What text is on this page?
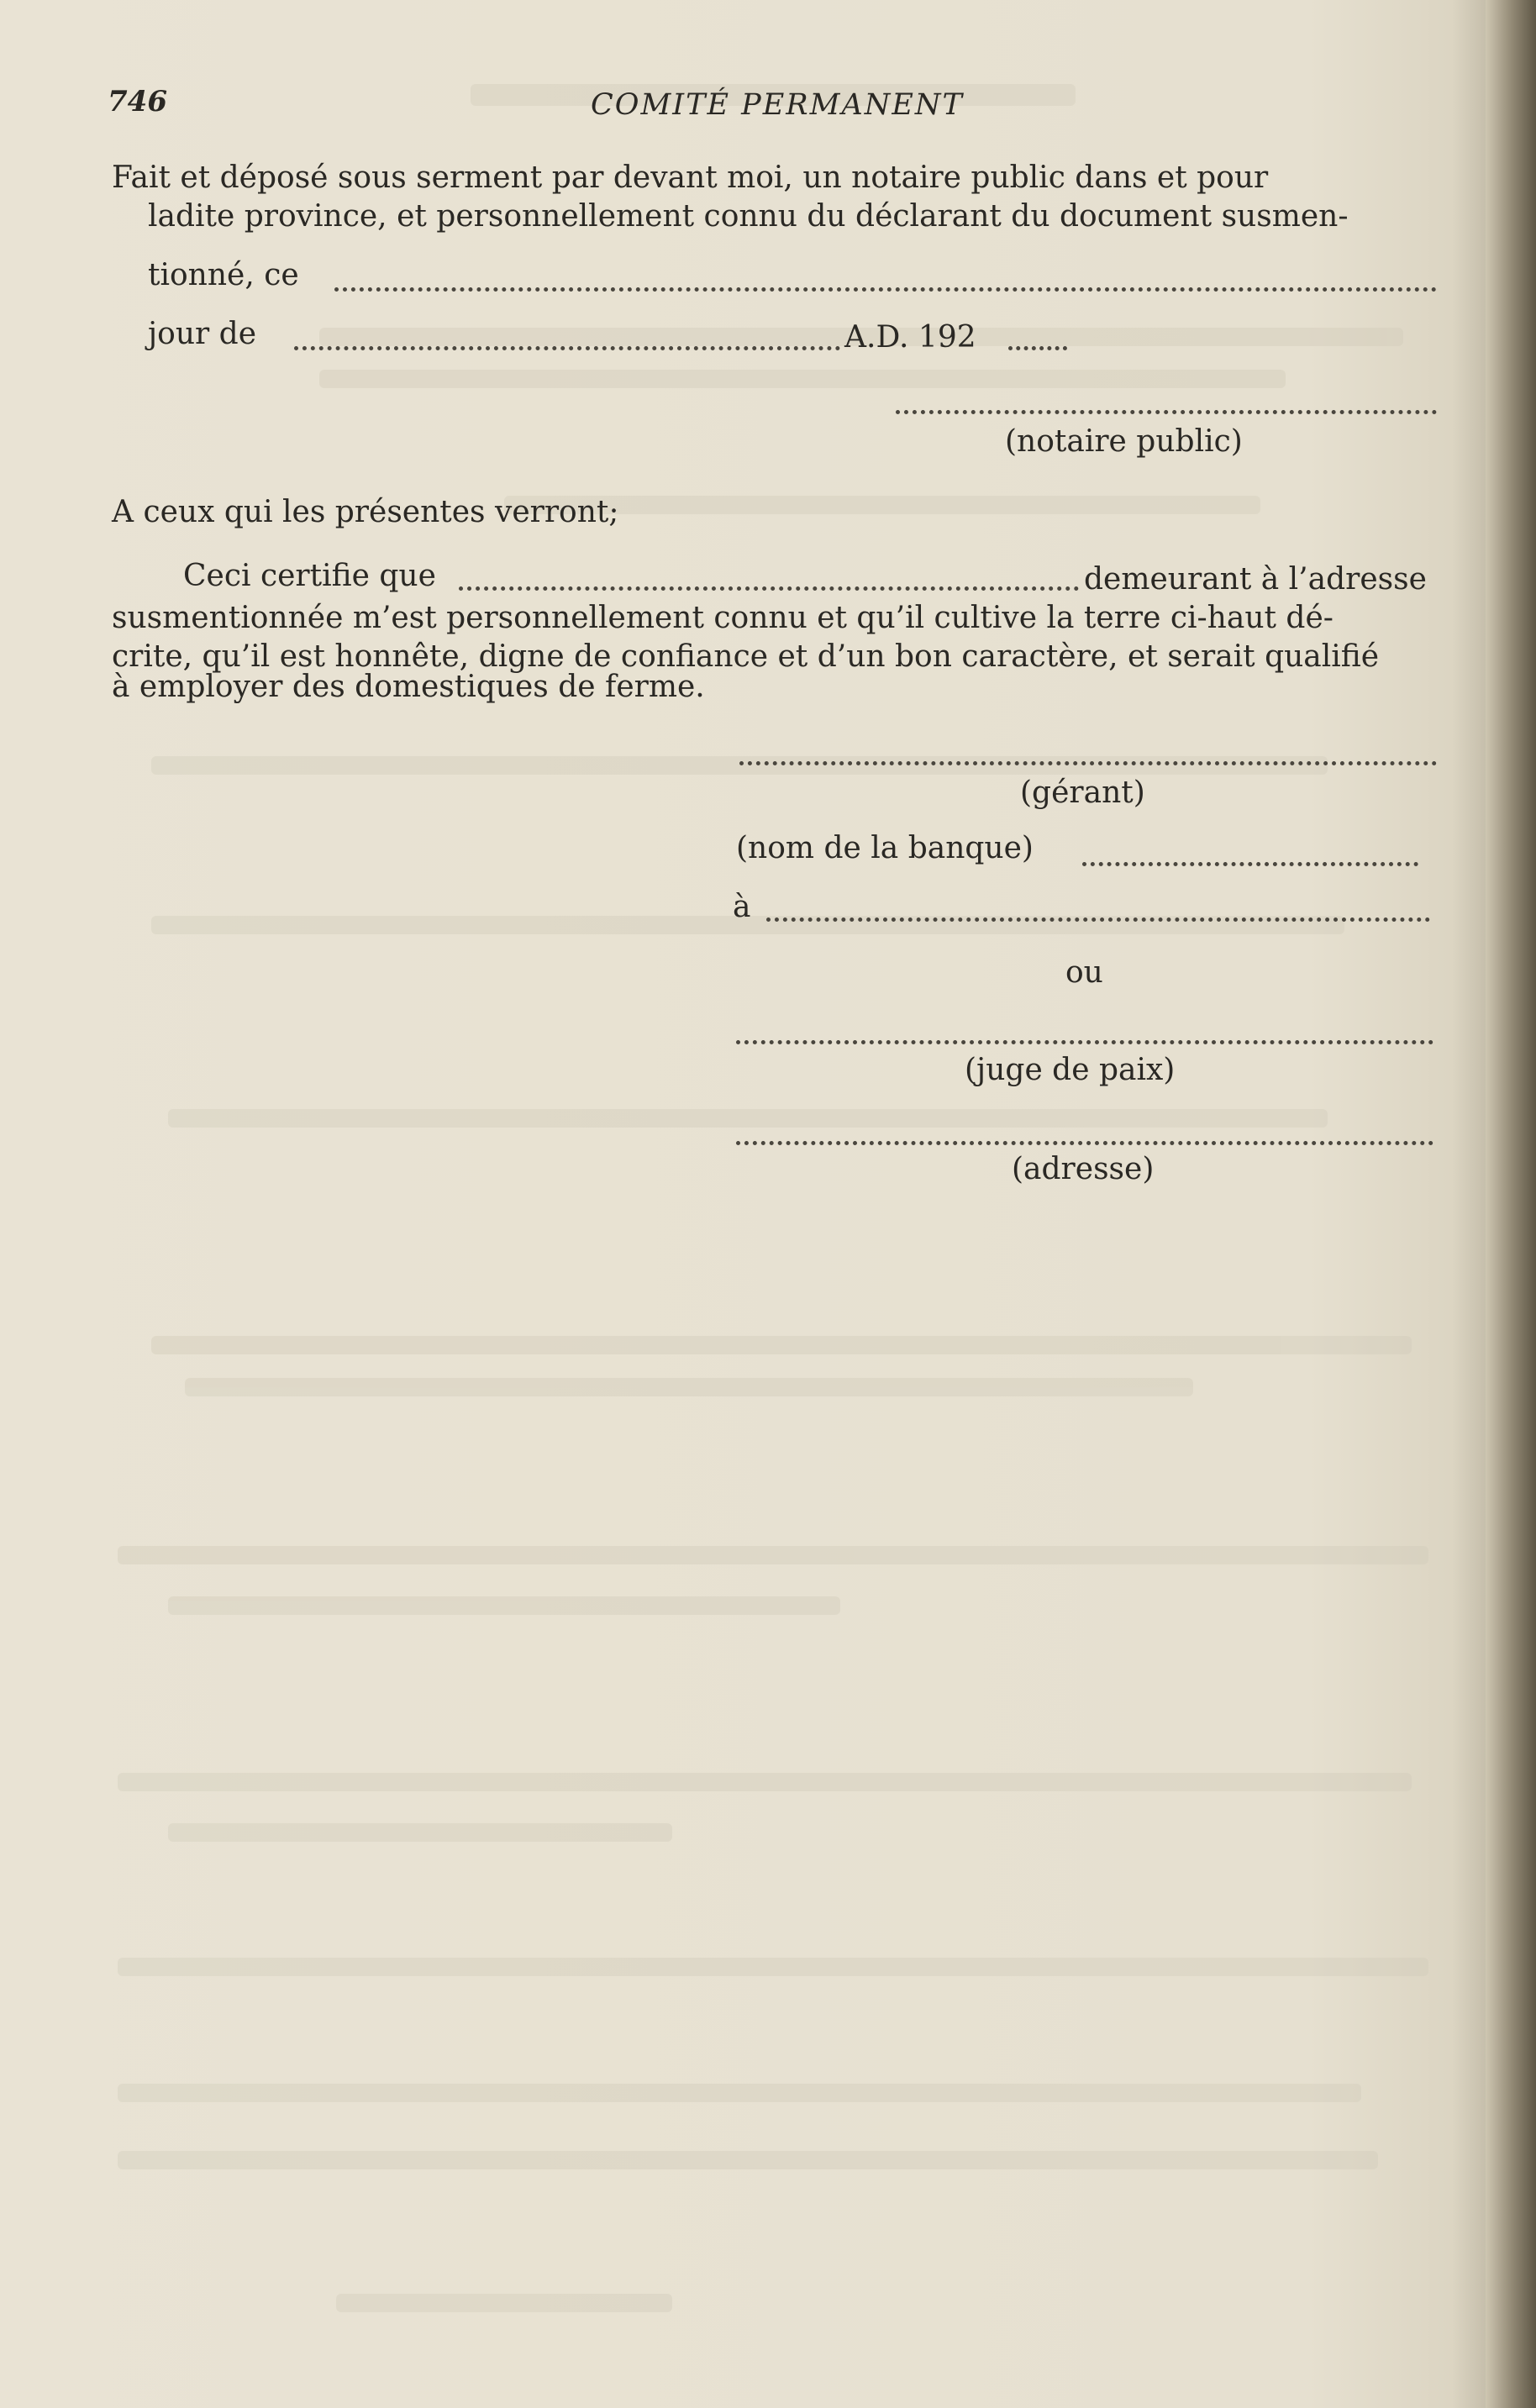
746	COMITÉ PERMANENT
Fait et déposé sous serment par devant moi, un notaire public dans et pour
ladite province, et personnellement connu du déclarant du document susmen-
tionné, ce
jour de	A.D. 192
(notaire public)
A ceux qui les présentes verront;
Ceci certifie que	demeurant à l’adresse
susmentionnée m’est personnellement connu et qu’il cultive la terre ci-haut dé-
crite, qu’il est honnête, digne de confiance et d’un bon caractère, et serait qualifié
à employer des domestiques de ferme.
(gérant)
(nom de la banque)
à
ou
(juge de paix)
(adresse)
